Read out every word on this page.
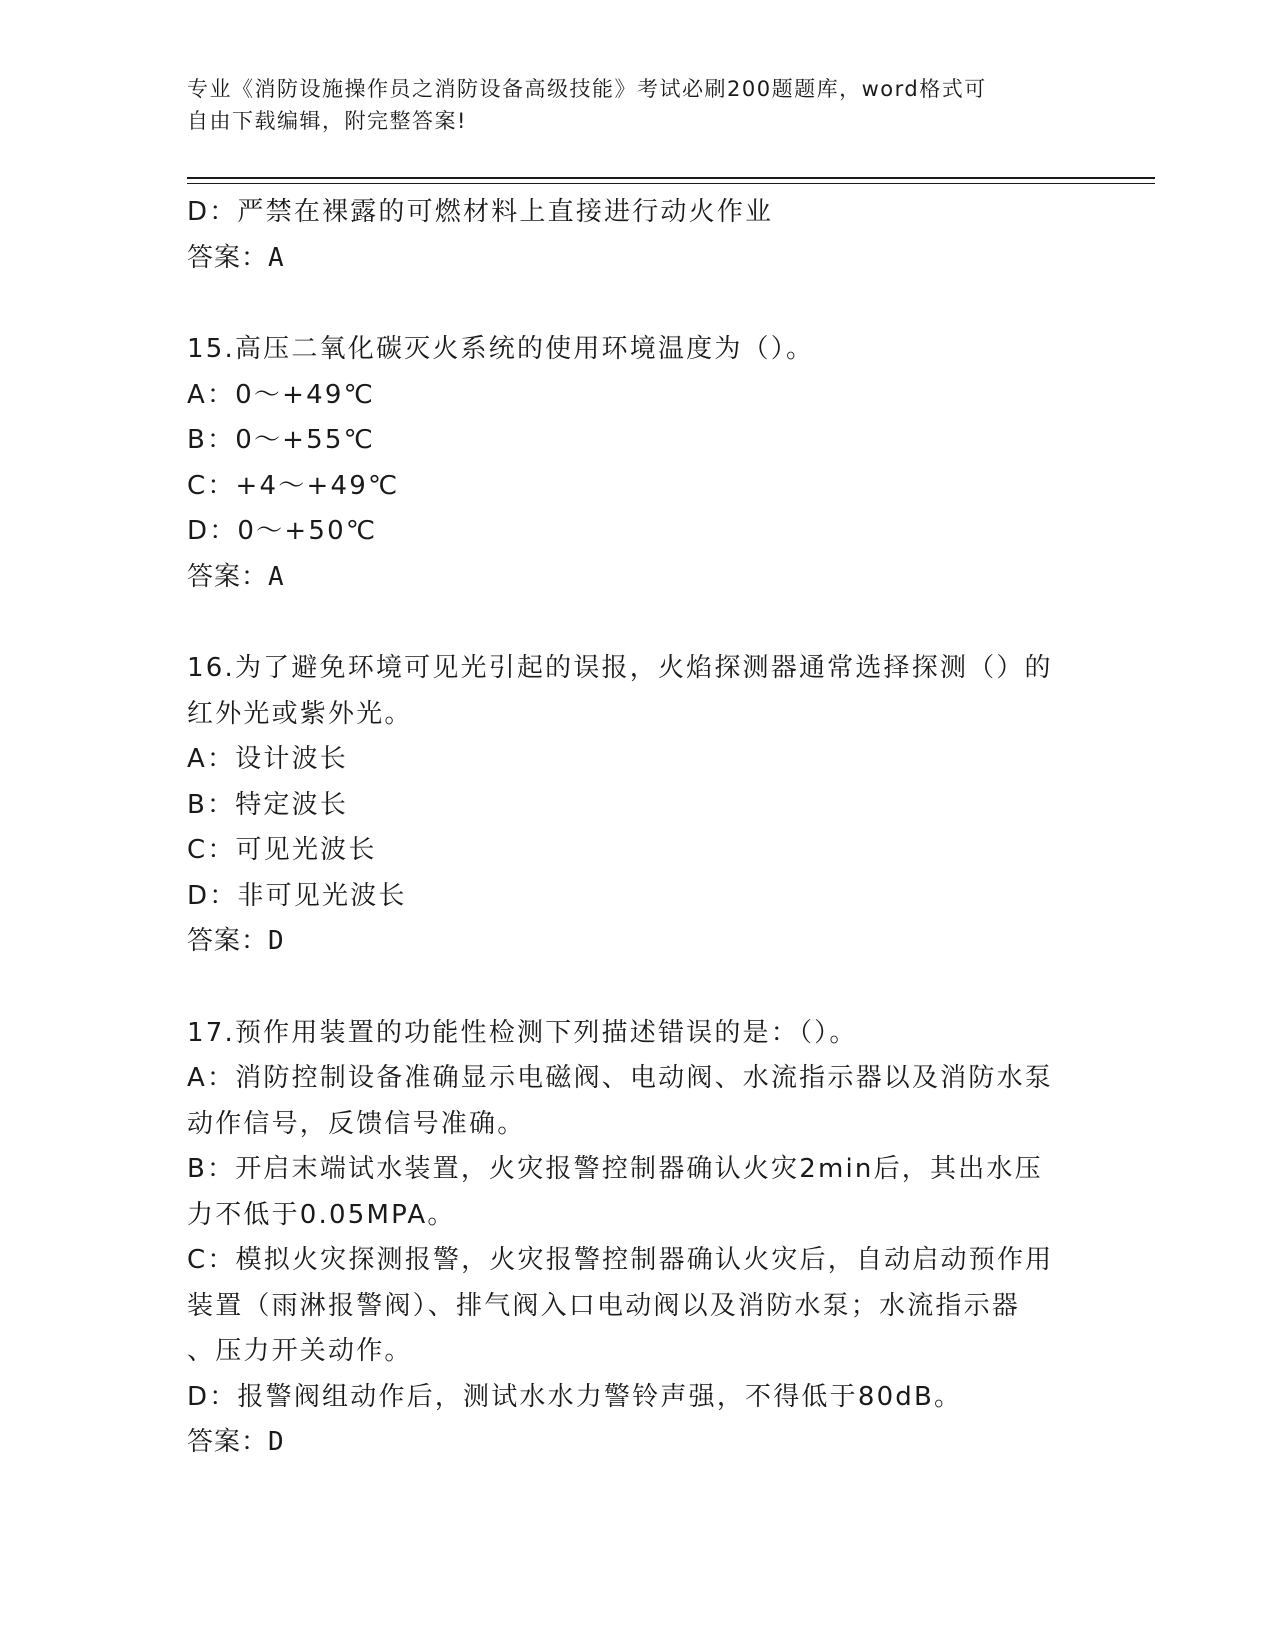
专业《消防设施操作员之消防设备高级技能》考试必刷200题题库，word格式可
自由下载编辑，附完整答案!
D：严禁在裸露的可燃材料上直接进行动火作业
答案：A
15.高压二氧化碳灭火系统的使用环境温度为（）。
A：0～+49℃
B：0～+55℃
C：+4～+49℃
D：0～+50℃
答案：A
16.为了避免环境可见光引起的误报，火焰探测器通常选择探测（）的
红外光或紫外光。
A：设计波长
B：特定波长
C：可见光波长
D：非可见光波长
答案：D
17.预作用装置的功能性检测下列描述错误的是：（）。
A：消防控制设备准确显示电磁阀、电动阀、水流指示器以及消防水泵
动作信号，反馈信号准确。
B：开启末端试水装置，火灾报警控制器确认火灾2min后，其出水压
力不低于0.05MPA。
C：模拟火灾探测报警，火灾报警控制器确认火灾后，自动启动预作用
装置（雨淋报警阀）、排气阀入口电动阀以及消防水泵；水流指示器
、压力开关动作。
D：报警阀组动作后，测试水水力警铃声强，不得低于80dB。
答案：D
